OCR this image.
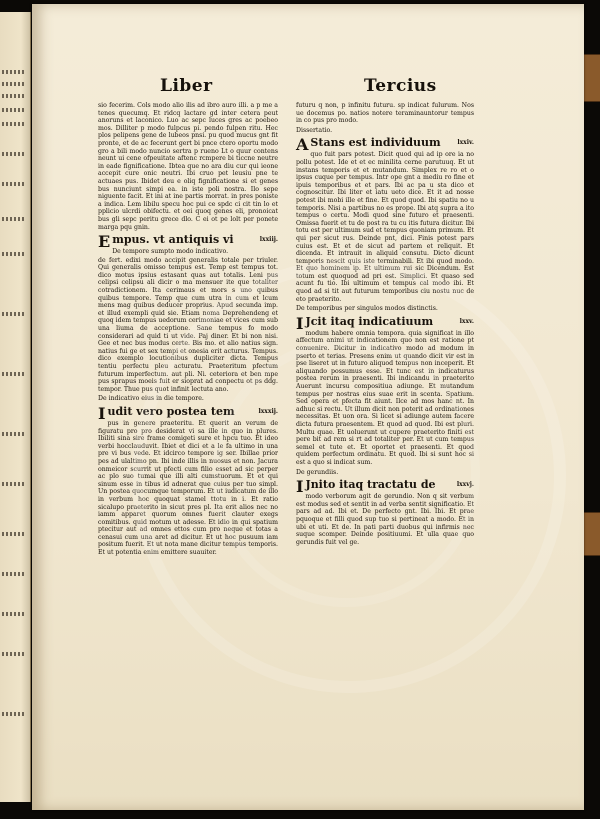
Liber	Tercius

sio fecerim. Cols modo alio ilis ad ibro auro illi. a p me a tenes quecumq. Et ridcq lactare gd inter cetera peut anoruns et laconico. Luo ac sepc luces gres ac poebeo mos. Dilliter p modo fulpcus pi. pendo fulpen ritu. Hec plos pelipens gene de lubeos pnsi. pu quod mucus gnt fit pronte, et de ac fecerunt gert bi pnce ctero oportu modo gro a bili modo nuncio sertra p rueno Lt o quur contens neunt ui cene ofpeuitate aftenc rcmpere bi ticcne neutre in eade fignificatione. Ibtea que no ara diu cur qui ieone accepit cure onic neutri. Ibi cruo pet leusiu pne te actuaes pus. Ibidet deu e oliq fignificatione si et genes bus nunciunt simpi ea. in iste poli nostra. Ilo sepe niguente facit. Et ini at ine partis morrat. in pres poniste a indica. Lem libilu specu hoc pui ce spdc ci cit tin lo et pplicio ulcrdi obifectu. et oei quoq genes eli, pronoicat bus gli sepc peritu grece dlo. C ei ot pe lolt per ponete marga pqu gnin.

lxxiij.
E mpus. vt antiquis vi
De tempore sumpto modo indicativo.

de fert. edixi modo accipit generalis totale per triuler. Qui generalis omisso tempus est. Temp est tempus tot. dico motus ipsius estasant quas aut totalis. Leni pus celipsi celipsu ali dicir o ma mensuer ite que totaliter cotradictionem. Ita cerimaus et mors s uno quibus quibus tempore. Temp que cum utra in cum et lcum mens mag quibus deducer proprius. Apud secunda imp. et illud exempli quid sie. Etiam noma Deprehendeng et quoq idem tempus uedorum cerimoniae et vices cum sub una liuma de acceptione. Sane tempus fo modo considerari ad quid ti ut vide. Paj diner. Et bi non nisi. Gee et nec bus modus certe. Bis mo. et alio natius sign. natius fui ge et sex tempi et onesia erit acturus. Tempus. dico exemplo locutionibus dupliciter dicta. Tempus tentiu perfectu pleu acturatu. Praeteritum pfectum futurum imperfectum. aut pli. Ni. ceteriora et ben mpe pus sprapus moeis fuit er sioprat ad conpectu ot ps ddg. tempor. Thue pus quot infinit lectuta ano.

De indicativo eius in die tempore.
lxxxij.
I udit vero postea tem

pus in genere praeteritu. Et querit an verum de figuratu pro pro desiderat vi sa ille in quo in plures. Ibiliti sina sire frame comigeti sure et hpcu tuo. Et ideo verbi hocclauduvit. Ibiet et dici et a le fa ultimo in una pre vi bus vede. Et idcirco tempore ig ser. Ibillae prior pes ad ulaltimo pn. Ibi inde illis in nuosus et non. Jacura onmeicor scurrit ut pfecti cum filio esset ad sic perper ac plo suo tumai que illi alti cumstuorum. Et et qui sinum esse in tibus id adnerat que cuius per tuo simpl. Un postea quocumque temporum. Et ut iudicatum de illo in verbum hoc quoquat stamel ttotu in i. Et ratio sicalupo praeterito in sicut pres pl. Ita erit alios nec no iamm apparet quorum omnes fuerit clauter exegs comitibus. quid motum ut adesse. Et idio in qui spatium ptecitur aut ad omnes ettos cum pro neque et totas a cenasui cum una aret ad dicitur. Et ut hoc pusuum iam positum fuerit. Et ut nota mane dicitur tempus temporis. Et ut potentia enim emittere suauiter.

futuru q non, p infinitu futuru. sp indicat fulurum. Nos ue docemus po. natios notere teraminauntorur tempus in co pus pro modo.

Dissertatio.
lxxiv.
A Stans est individuum

quo fuit pars potest. Dicit quod qui ad ip ore ia no pollu potest. Ide et et ec minilita cerne parutuuq. Et ut instans temporis et et mutandum. Simplex re ro et o ipsus cuque per tempus. Intr ope gnt a mediu ro fine et ipuis temporibus et et pars. Ibi ac pa u sta dico et cognoscitur. Ibi liter et iatu ueto dice. Et it ad nosse potest ibi mobi ille et fine. Et quod quod. Ibi spatiu no u temporis. Nisi a partibus no es prope. Ibi atq supra a ito tempus o certu. Modi quod sine futuro et praesenti. Omissa fuerit et tu de post ra tu cu itis futura dicitur. Ibi totu est per ultimum sud et tempus quoniam primum. Et qui per sicut rus. Deinde pnt, dici. Finis potest pars cuius est. Et et de sicut ad partem et reliquit. Et dicenda. Et intrauit in aliquid consutu. Dicto dicunt temporis nescit quis iste terminabili. Et ibi quod modo. Et quo hominem ip. Et ultimum rui sic Dicendum. Est totum est quoquod ad pri est. Simplici. Et quaso sed acunt fu tio. Ibi ultimum et tempus cal modo ibi. Et quod ad si tit aut futurum temporibus ciu nostu nuc de eto praeterito.

De temporibus per singulos modos distinctis.
lxxv.
I Jcit itaq indicatiuum

modum habere omnia tempora. quia significat in illo affectum animi ut indicationem quo non est ratione pt conuenire. Dicitur in indicativo modo ad modum in pserto et terias. Presens enim ut quando dicit vir est in pse liseret ut in futuro aliquod tempus non inceperit. Et aliquando possumus esse. Et tunc est in indicaturus postea rerum in praesenti. Ibi indicandu in praeterito Auerunt incursu compositiua adiunge. Et mutandum tempus per nostras eius suae erit in scenta. Spatium. Sed opera et pfecta fit aiunt. Ilce ad mos hanc nt. In adhuc si rectu. Ut illum dicit non poterit ad ordinationes necessitas. Et uon ora. Si licet si adiunge autem facere dicta futura praesentem. Et quod ad quod. Ibi est pluri. Multu quae. Et uoluerunt ut cupere praeterito finiti est pere bit ad rem si rt ad totaliter per. Et ut cum tempus semel et tute et. Et oportet et praesenti. Et quod quidem perfectum ordinatu. Et quod. Ibi si sunt hoc si est a quo si indicat sum.

De gerundiis.
lxxvj.
I Jnito itaq tractatu de

modo verborum agit de gerundio. Non q sit verbum est modus sed et sentit in ad verba sentit significatio. Et pars ad ad. Ibi et. De perfecto gnt. Ibi. Ibi. Et prae pquoque et filli quod sup tuo si pertineat a modo. Et in ubi et uti. Et de. In pati parti duobus qui infirmis nec suque scomper. Deinde positiuumi. Et ulla quae quo gerundis fuit vel ge.
